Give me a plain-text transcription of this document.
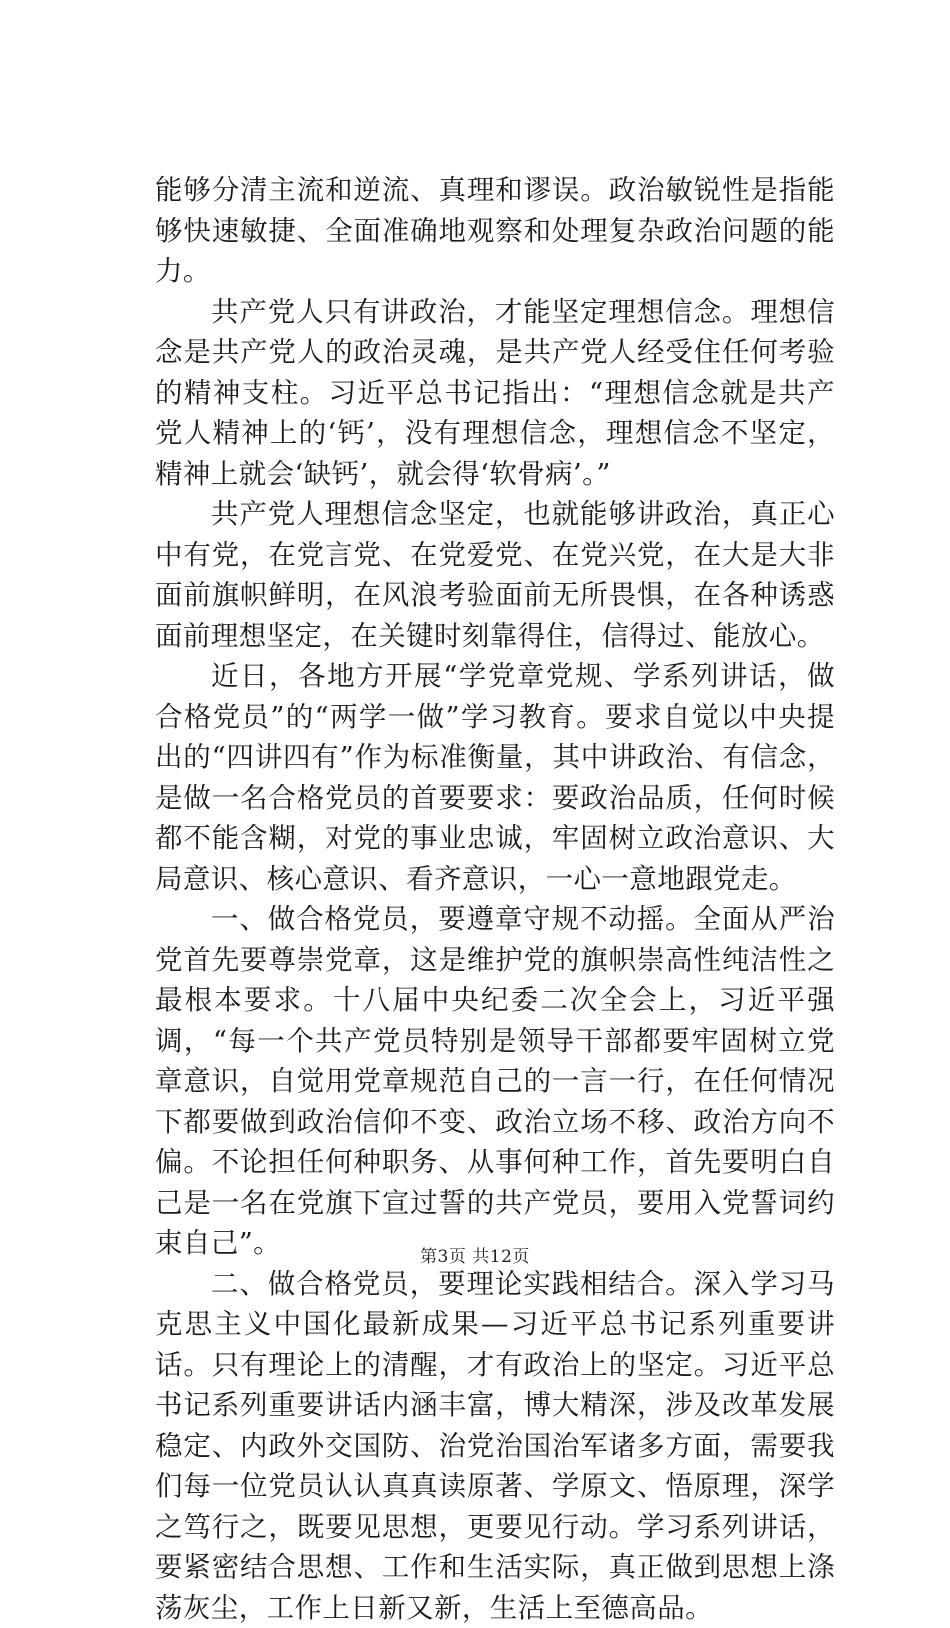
能够分清主流和逆流、真理和谬误。政治敏锐性是指能够快速敏捷、全面准确地观察和处理复杂政治问题的能力。

共产党人只有讲政治，才能坚定理想信念。理想信念是共产党人的政治灵魂，是共产党人经受住任何考验的精神支柱。习近平总书记指出：“理想信念就是共产党人精神上的‘钙’，没有理想信念，理想信念不坚定，精神上就会‘缺钙’，就会得‘软骨病’。”

共产党人理想信念坚定，也就能够讲政治，真正心中有党，在党言党、在党爱党、在党兴党，在大是大非面前旗帜鲜明，在风浪考验面前无所畏惧，在各种诱惑面前理想坚定，在关键时刻靠得住，信得过、能放心。

近日，各地方开展“学党章党规、学系列讲话，做合格党员”的“两学一做”学习教育。要求自觉以中央提出的“四讲四有”作为标准衡量，其中讲政治、有信念，是做一名合格党员的首要要求：要政治品质，任何时候都不能含糊，对党的事业忠诚，牢固树立政治意识、大局意识、核心意识、看齐意识，一心一意地跟党走。

一、做合格党员，要遵章守规不动摇。全面从严治党首先要尊崇党章，这是维护党的旗帜崇高性纯洁性之最根本要求。十八届中央纪委二次全会上，习近平强调，“每一个共产党员特别是领导干部都要牢固树立党章意识，自觉用党章规范自己的一言一行，在任何情况下都要做到政治信仰不变、政治立场不移、政治方向不偏。不论担任何种职务、从事何种工作，首先要明白自己是一名在党旗下宣过誓的共产党员，要用入党誓词约束自己”。

二、做合格党员，要理论实践相结合。深入学习马克思主义中国化最新成果—习近平总书记系列重要讲话。只有理论上的清醒，才有政治上的坚定。习近平总书记系列重要讲话内涵丰富，博大精深，涉及改革发展稳定、内政外交国防、治党治国治军诸多方面，需要我们每一位党员认认真真读原著、学原文、悟原理，深学之笃行之，既要见思想，更要见行动。学习系列讲话，要紧密结合思想、工作和生活实际，真正做到思想上涤荡灰尘，工作上日新又新，生活上至德高品。

第3页 共12页
